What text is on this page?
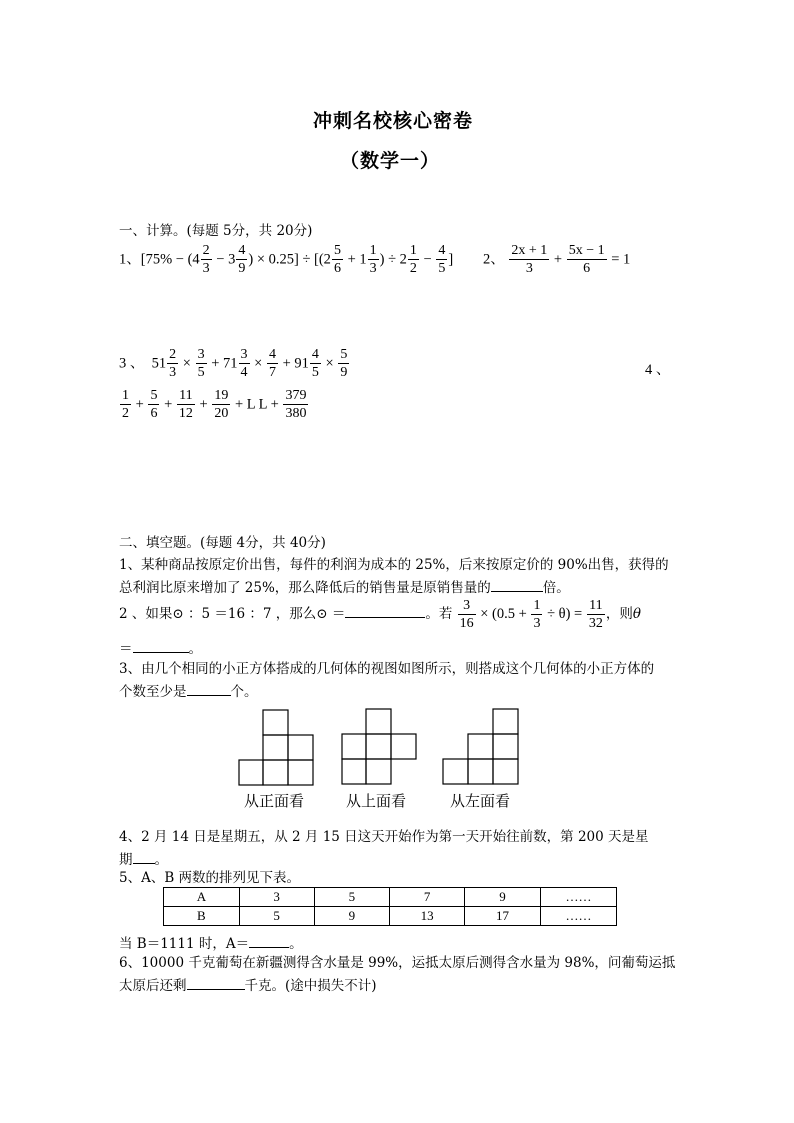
冲刺名校核心密卷
（数学一）
一、计算。(每题 5分，共 20分)
1、[$75\% - (4 \frac{2}{3} - 3 \frac{4}{9}$ ) × $0.25] \div [(2 \frac{5}{6} + 1 \frac{1}{3}$ ) ÷ $2 \frac{1}{2} - \frac{4}{5}$ ] 2、 $\frac{2x + 1}{3} + \frac{5x - 1}{6} = 1$
3 、 $51 \frac{2}{3} \times \frac{3}{5} + 71 \frac{3}{4} \times \frac{4}{7} + 91 \frac{4}{5} \times \frac{5}{9}$	4 、
$\frac{1}{2} + \frac{5}{6} + \frac{11}{12} + \frac{19}{20} + L$ $L + \frac{379}{380}$
二、填空题。(每题 4分，共 40分)
1、某种商品按原定价出售，每件的利润为成本的 25%，后来按原定价的 90%出售，获得的
总利润比原来增加了 25%，那么降低后的销售量是原销售量的	倍。
2 、如果⊙ ：5 ＝16 ：7 ，那么⊙ ＝	。若 $\frac{3}{16} \times (0.5 + \frac{1}{3} \div \theta) = \frac{11}{32}$ ，则θ
＝	。
3、由几个相同的小正方体搭成的几何体的视图如图所示，则搭成这个几何体的小正方体的
个数至少是	个。
从正面看	从上面看	从左面看
4、2 月 14 日是星期五，从 2 月 15 日这天开始作为第一天开始往前数，第 200 天是星
期 。
5、A、B 两数的排列见下表。
A	3	5	7	9	……
B	5	9	13	17	……
当 B＝1111 时，A＝	。
6、10000 千克葡萄在新疆测得含水量是 99%，运抵太原后测得含水量为 98%，问葡萄运抵
太原后还剩	千克。(途中损失不计)
